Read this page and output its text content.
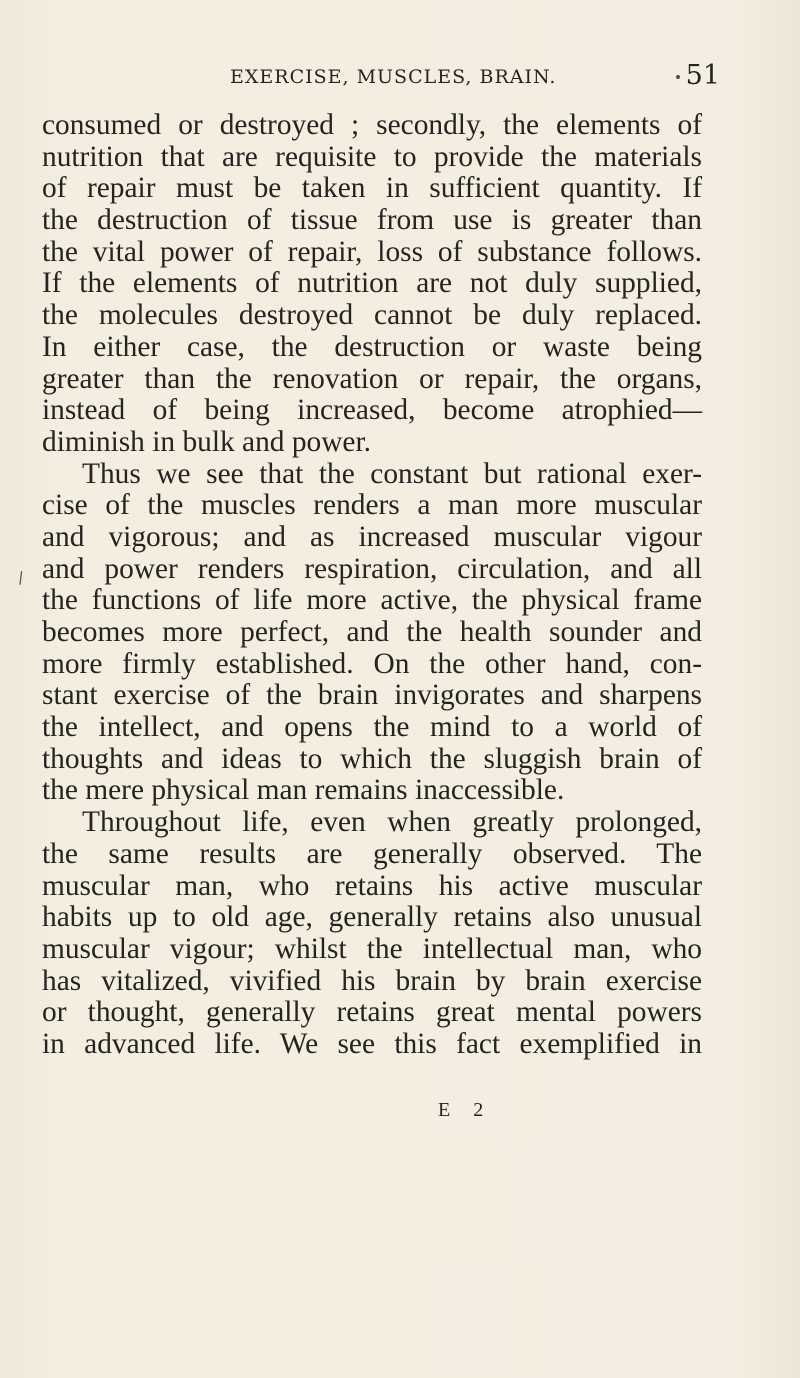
EXERCISE, MUSCLES, BRAIN.	51
/
consumed or destroyed ; secondly, the elements of
nutrition that are requisite to provide the materials
of repair must be taken in sufficient quantity. If
the destruction of tissue from use is greater than
the vital power of repair, loss of substance follows.
If the elements of nutrition are not duly supplied,
the molecules destroyed cannot be duly replaced.
In either case, the destruction or waste being
greater than the renovation or repair, the organs,
instead of being increased, become atrophied—
diminish in bulk and power.
Thus we see that the constant but rational exer-
cise of the muscles renders a man more muscular
and vigorous; and as increased muscular vigour
and power renders respiration, circulation, and all
the functions of life more active, the physical frame
becomes more perfect, and the health sounder and
more firmly established. On the other hand, con-
stant exercise of the brain invigorates and sharpens
the intellect, and opens the mind to a world of
thoughts and ideas to which the sluggish brain of
the mere physical man remains inaccessible.
Throughout life, even when greatly prolonged,
the same results are generally observed. The
muscular man, who retains his active muscular
habits up to old age, generally retains also unusual
muscular vigour; whilst the intellectual man, who
has vitalized, vivified his brain by brain exercise
or thought, generally retains great mental powers
in advanced life. We see this fact exemplified in
E 2
